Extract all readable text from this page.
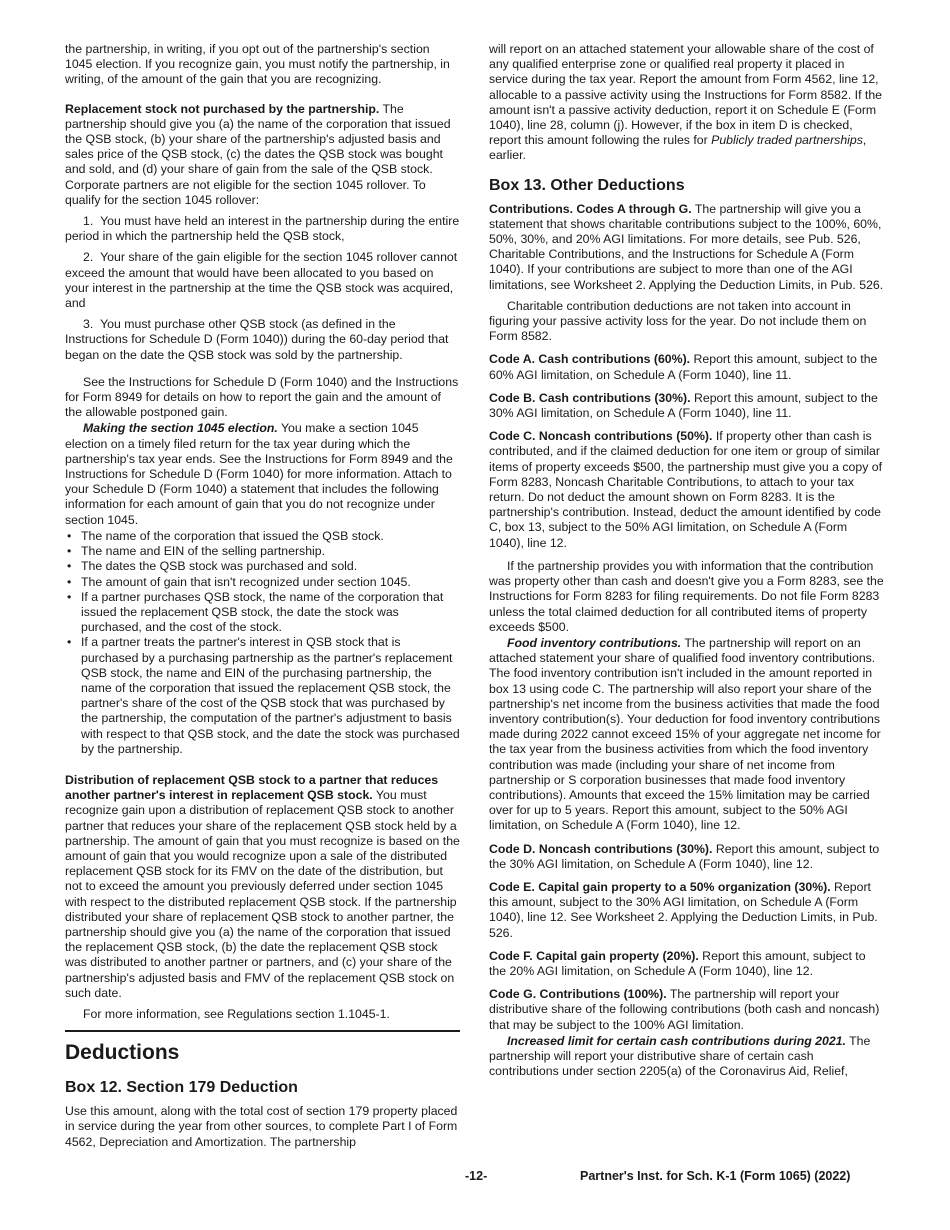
the partnership, in writing, if you opt out of the partnership's section 1045 election. If you recognize gain, you must notify the partnership, in writing, of the amount of the gain that you are recognizing.

Replacement stock not purchased by the partnership. The partnership should give you (a) the name of the corporation that issued the QSB stock, (b) your share of the partnership's adjusted basis and sales price of the QSB stock, (c) the dates the QSB stock was bought and sold, and (d) your share of gain from the sale of the QSB stock. Corporate partners are not eligible for the section 1045 rollover. To qualify for the section 1045 rollover:

1.  You must have held an interest in the partnership during the entire period in which the partnership held the QSB stock,

2.  Your share of the gain eligible for the section 1045 rollover cannot exceed the amount that would have been allocated to you based on your interest in the partnership at the time the QSB stock was acquired, and

3.  You must purchase other QSB stock (as defined in the Instructions for Schedule D (Form 1040)) during the 60-day period that began on the date the QSB stock was sold by the partnership.

See the Instructions for Schedule D (Form 1040) and the Instructions for Form 8949 for details on how to report the gain and the amount of the allowable postponed gain.

Making the section 1045 election. You make a section 1045 election on a timely filed return for the tax year during which the partnership's tax year ends. See the Instructions for Form 8949 and the Instructions for Schedule D (Form 1040) for more information. Attach to your Schedule D (Form 1040) a statement that includes the following information for each amount of gain that you do not recognize under section 1045.

• The name of the corporation that issued the QSB stock.

• The name and EIN of the selling partnership.

• The dates the QSB stock was purchased and sold.

• The amount of gain that isn't recognized under section 1045.

• If a partner purchases QSB stock, the name of the corporation that issued the replacement QSB stock, the date the stock was purchased, and the cost of the stock.

• If a partner treats the partner's interest in QSB stock that is purchased by a purchasing partnership as the partner's replacement QSB stock, the name and EIN of the purchasing partnership, the name of the corporation that issued the replacement QSB stock, the partner's share of the cost of the QSB stock that was purchased by the partnership, the computation of the partner's adjustment to basis with respect to that QSB stock, and the date the stock was purchased by the partnership.

Distribution of replacement QSB stock to a partner that reduces another partner's interest in replacement QSB stock. You must recognize gain upon a distribution of replacement QSB stock to another partner that reduces your share of the replacement QSB stock held by a partnership. The amount of gain that you must recognize is based on the amount of gain that you would recognize upon a sale of the distributed replacement QSB stock for its FMV on the date of the distribution, but not to exceed the amount you previously deferred under section 1045 with respect to the distributed replacement QSB stock. If the partnership distributed your share of replacement QSB stock to another partner, the partnership should give you (a) the name of the corporation that issued the replacement QSB stock, (b) the date the replacement QSB stock was distributed to another partner or partners, and (c) your share of the partnership's adjusted basis and FMV of the replacement QSB stock on such date.

For more information, see Regulations section 1.1045-1.

Deductions
Box 12. Section 179 Deduction

Use this amount, along with the total cost of section 179 property placed in service during the year from other sources, to complete Part I of Form 4562, Depreciation and Amortization. The partnership

will report on an attached statement your allowable share of the cost of any qualified enterprise zone or qualified real property it placed in service during the tax year. Report the amount from Form 4562, line 12, allocable to a passive activity using the Instructions for Form 8582. If the amount isn't a passive activity deduction, report it on Schedule E (Form 1040), line 28, column (j). However, if the box in item D is checked, report this amount following the rules for Publicly traded partnerships, earlier.

Box 13. Other Deductions

Contributions. Codes A through G. The partnership will give you a statement that shows charitable contributions subject to the 100%, 60%, 50%, 30%, and 20% AGI limitations. For more details, see Pub. 526, Charitable Contributions, and the Instructions for Schedule A (Form 1040). If your contributions are subject to more than one of the AGI limitations, see Worksheet 2. Applying the Deduction Limits, in Pub. 526.

Charitable contribution deductions are not taken into account in figuring your passive activity loss for the year. Do not include them on Form 8582.

Code A. Cash contributions (60%). Report this amount, subject to the 60% AGI limitation, on Schedule A (Form 1040), line 11.

Code B. Cash contributions (30%). Report this amount, subject to the 30% AGI limitation, on Schedule A (Form 1040), line 11.

Code C. Noncash contributions (50%). If property other than cash is contributed, and if the claimed deduction for one item or group of similar items of property exceeds $500, the partnership must give you a copy of Form 8283, Noncash Charitable Contributions, to attach to your tax return. Do not deduct the amount shown on Form 8283. It is the partnership's contribution. Instead, deduct the amount identified by code C, box 13, subject to the 50% AGI limitation, on Schedule A (Form 1040), line 12.

If the partnership provides you with information that the contribution was property other than cash and doesn't give you a Form 8283, see the Instructions for Form 8283 for filing requirements. Do not file Form 8283 unless the total claimed deduction for all contributed items of property exceeds $500.

Food inventory contributions. The partnership will report on an attached statement your share of qualified food inventory contributions. The food inventory contribution isn't included in the amount reported in box 13 using code C. The partnership will also report your share of the partnership's net income from the business activities that made the food inventory contribution(s). Your deduction for food inventory contributions made during 2022 cannot exceed 15% of your aggregate net income for the tax year from the business activities from which the food inventory contribution was made (including your share of net income from partnership or S corporation businesses that made food inventory contributions). Amounts that exceed the 15% limitation may be carried over for up to 5 years. Report this amount, subject to the 50% AGI limitation, on Schedule A (Form 1040), line 12.

Code D. Noncash contributions (30%). Report this amount, subject to the 30% AGI limitation, on Schedule A (Form 1040), line 12.

Code E. Capital gain property to a 50% organization (30%). Report this amount, subject to the 30% AGI limitation, on Schedule A (Form 1040), line 12. See Worksheet 2. Applying the Deduction Limits, in Pub. 526.

Code F. Capital gain property (20%). Report this amount, subject to the 20% AGI limitation, on Schedule A (Form 1040), line 12.

Code G. Contributions (100%). The partnership will report your distributive share of the following contributions (both cash and noncash) that may be subject to the 100% AGI limitation.

Increased limit for certain cash contributions during 2021. The partnership will report your distributive share of certain cash contributions under section 2205(a) of the Coronavirus Aid, Relief,

-12-	Partner's Inst. for Sch. K-1 (Form 1065) (2022)
